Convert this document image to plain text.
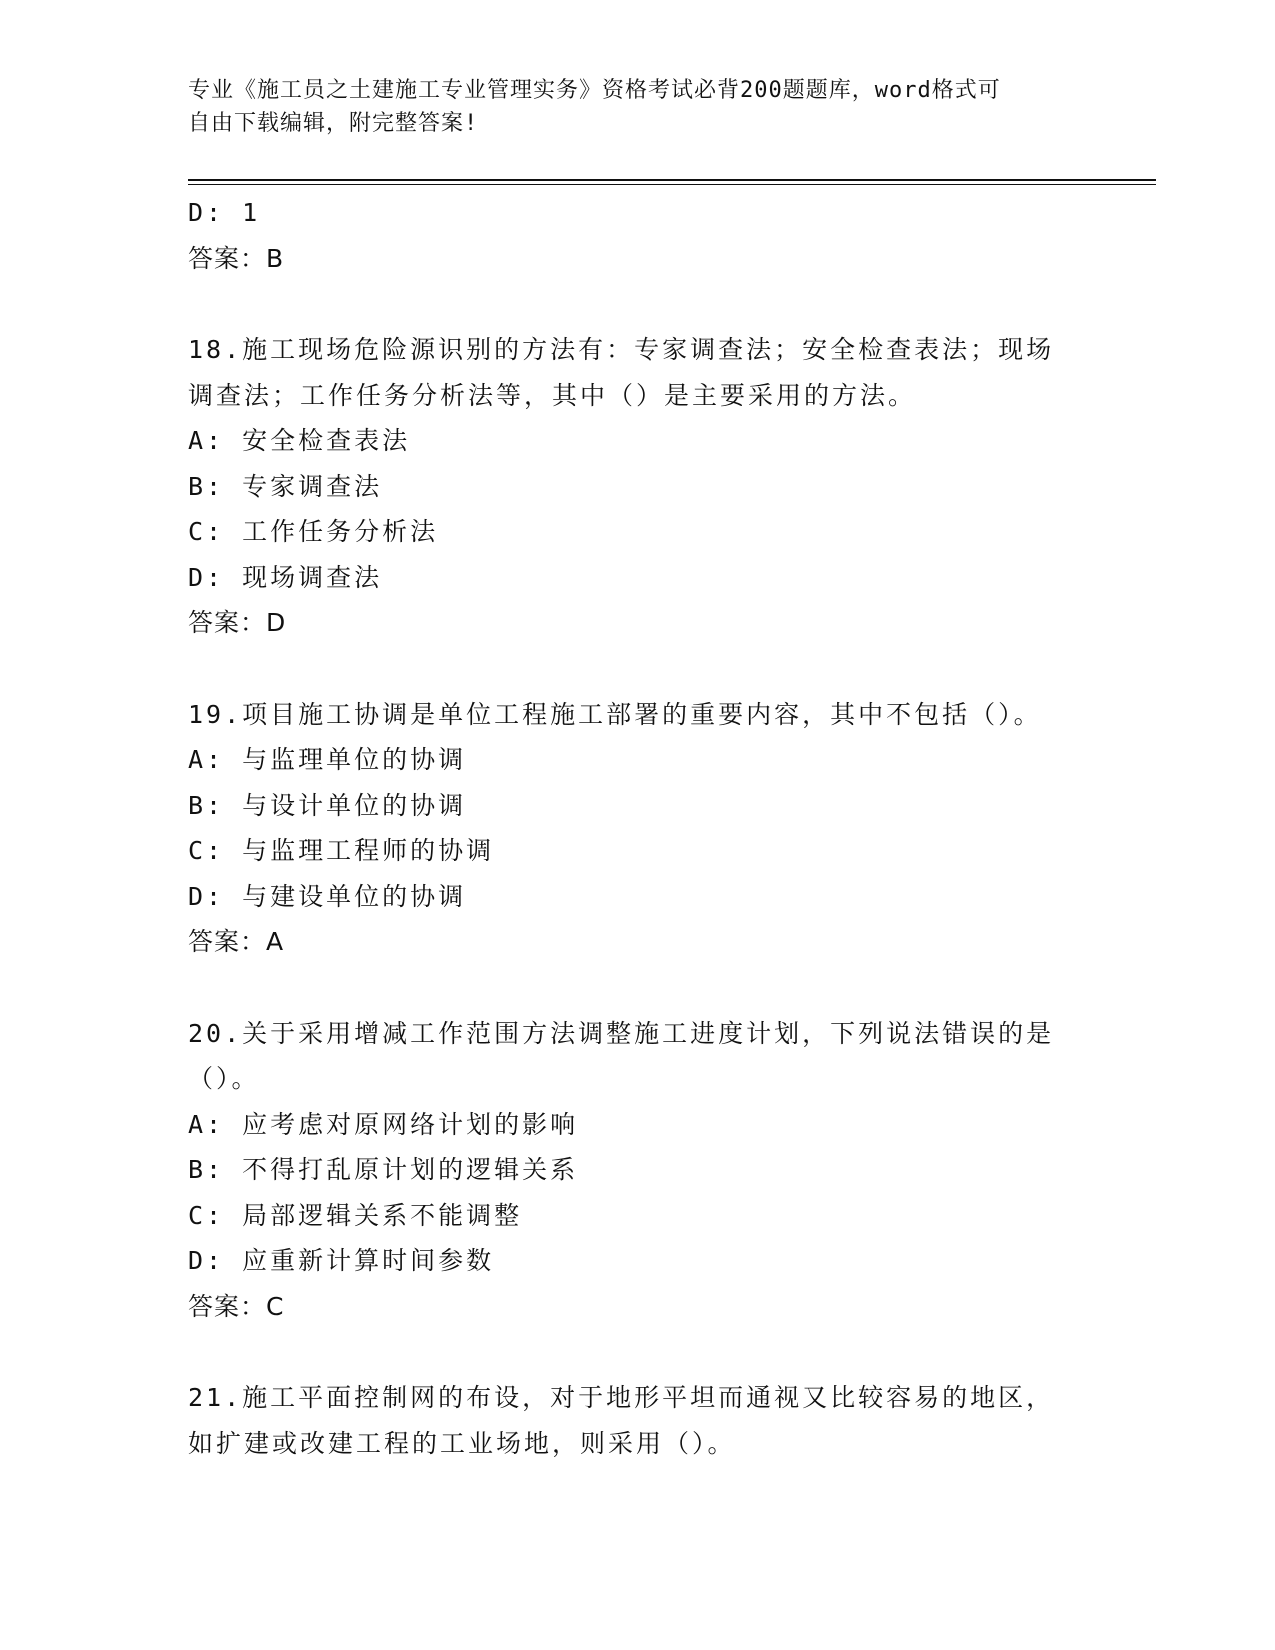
专业《施工员之土建施工专业管理实务》资格考试必背200题题库，word格式可
自由下载编辑，附完整答案!
D: 1
答案：B
18.施工现场危险源识别的方法有：专家调查法；安全检查表法；现场
调查法；工作任务分析法等，其中（）是主要采用的方法。
A: 安全检查表法
B: 专家调查法
C: 工作任务分析法
D: 现场调查法
答案：D
19.项目施工协调是单位工程施工部署的重要内容，其中不包括（）。
A: 与监理单位的协调
B: 与设计单位的协调
C: 与监理工程师的协调
D: 与建设单位的协调
答案：A
20.关于采用增减工作范围方法调整施工进度计划，下列说法错误的是
（）。
A: 应考虑对原网络计划的影响
B: 不得打乱原计划的逻辑关系
C: 局部逻辑关系不能调整
D: 应重新计算时间参数
答案：C
21.施工平面控制网的布设，对于地形平坦而通视又比较容易的地区，
如扩建或改建工程的工业场地，则采用（）。
